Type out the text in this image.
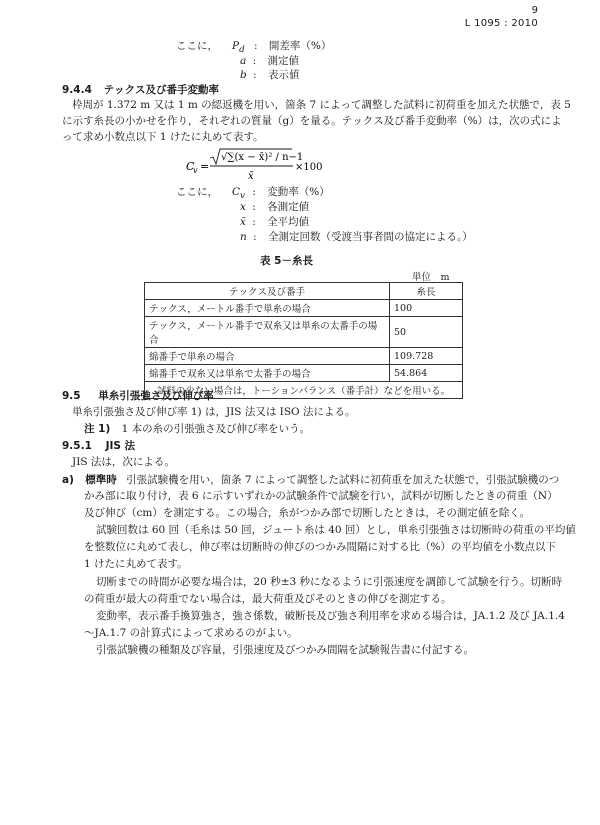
9
L 1095 : 2010
ここに， $P_d$ : 開差率（%）
a : 測定値
b : 表示値
9.4.4 テックス及び番手変動率
枠周が 1.372 m 又は 1 m の綛返機を用い，箇条 7 によって調整した試料に初荷重を加えた状態で，表 5
に示す糸長の小かせを作り，それぞれの質量（g）を量る。テックス及び番手変動率（%）は，次の式によ
って求め小数点以下 1 けたに丸めて表す。
C
v =
√∑(x − x̄)² / n−1
x̄
×100
ここに， $C_v$ : 変動率（%）
x : 各測定値
x̄ : 全平均値
n : 全測定回数（受渡当事者間の協定による。）
表 5－糸長
単位　m
テックス及び番手	糸長
テックス，メートル番手で単糸の場合	100
テックス，メートル番手で双糸又は単糸の太番手の場合	50
綿番手で単糸の場合	109.728
綿番手で双糸又は単糸で太番手の場合	54.864
試料の少ない場合は，トーションバランス（番手計）などを用いる。	
9.5 単糸引張強さ及び伸び率
単糸引張強さ及び伸び率 1) は，JIS 法又は ISO 法による。
注 1) 1 本の糸の引張強さ及び伸び率をいう。
9.5.1 JIS 法
JIS 法は，次による。
a) 標準時 引張試験機を用い，箇条 7 によって調整した試料に初荷重を加えた状態で，引張試験機のつ
かみ部に取り付け，表 6 に示すいずれかの試験条件で試験を行い，試料が切断したときの荷重（N）
及び伸び（cm）を測定する。この場合，糸がつかみ部で切断したときは，その測定値を除く。
試験回数は 60 回（毛糸は 50 回，ジュート糸は 40 回）とし，単糸引張強さは切断時の荷重の平均値
を整数位に丸めて表し，伸び率は切断時の伸びのつかみ間隔に対する比（%）の平均値を小数点以下
1 けたに丸めて表す。
切断までの時間が必要な場合は，20 秒±3 秒になるように引張速度を調節して試験を行う。切断時
の荷重が最大の荷重でない場合は，最大荷重及びそのときの伸びを測定する。
変動率，表示番手換算強さ，強さ係数，破断長及び強さ利用率を求める場合は，JA.1.2 及び JA.1.4
～JA.1.7 の計算式によって求めるのがよい。
引張試験機の種類及び容量，引張速度及びつかみ間隔を試験報告書に付記する。
